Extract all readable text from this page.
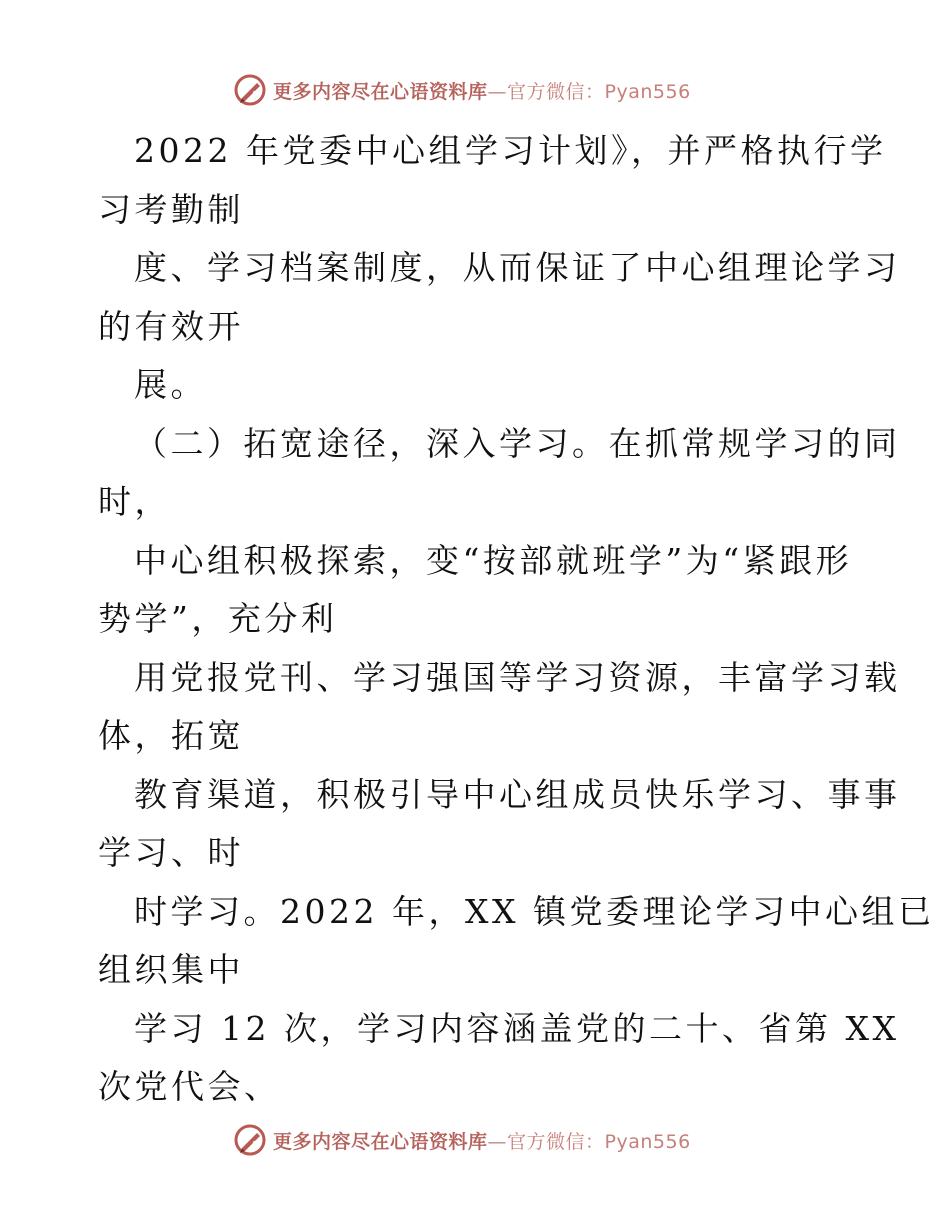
更多内容尽在心语资料库—官方微信：Pyan556
2022 年党委中心组学习计划》，并严格执行学
习考勤制
度、学习档案制度，从而保证了中心组理论学习
的有效开
展。
（二）拓宽途径，深入学习。在抓常规学习的同
时，
中心组积极探索，变“按部就班学”为“紧跟形
势学”，充分利
用党报党刊、学习强国等学习资源，丰富学习载
体，拓宽
教育渠道，积极引导中心组成员快乐学习、事事
学习、时
时学习。2022 年，XX 镇党委理论学习中心组已
组织集中
学习 12 次，学习内容涵盖党的二十、省第 XX
次党代会、
更多内容尽在心语资料库—官方微信：Pyan556
